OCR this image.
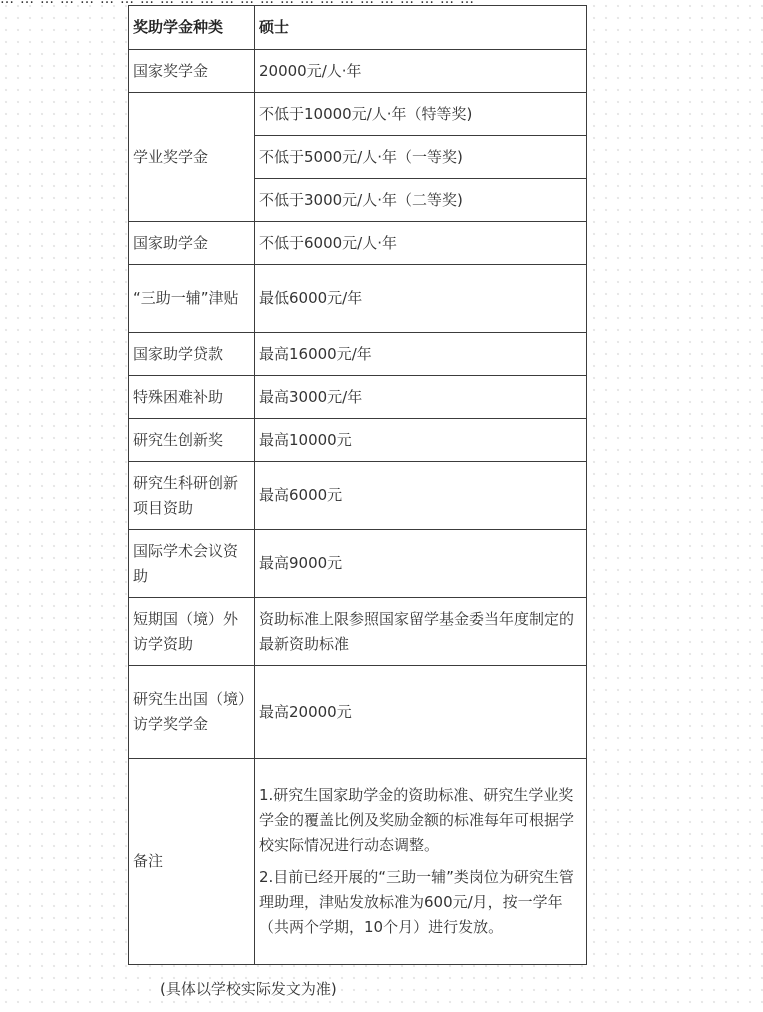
奖助学金种类	硕士
国家奖学金	20000元/人·年
学业奖学金	不低于10000元/人·年（特等奖)
	不低于5000元/人·年（一等奖)
	不低于3000元/人·年（二等奖)
国家助学金	不低于6000元/人·年
“三助一辅”津贴	最低6000元/年
国家助学贷款	最高16000元/年
特殊困难补助	最高3000元/年
研究生创新奖	最高10000元
研究生科研创新项目资助	最高6000元
国际学术会议资助	最高9000元
短期国（境）外访学资助	资助标准上限参照国家留学基金委当年度制定的最新资助标准
研究生出国（境）访学奖学金	最高20000元
备注	1.研究生国家助学金的资助标准、研究生学业奖学金的覆盖比例及奖励金额的标准每年可根据学校实际情况进行动态调整。

2.目前已经开展的“三助一辅”类岗位为研究生管理助理，津贴发放标准为600元/月，按一学年（共两个学期，10个月）进行发放。

(具体以学校实际发文为准)
